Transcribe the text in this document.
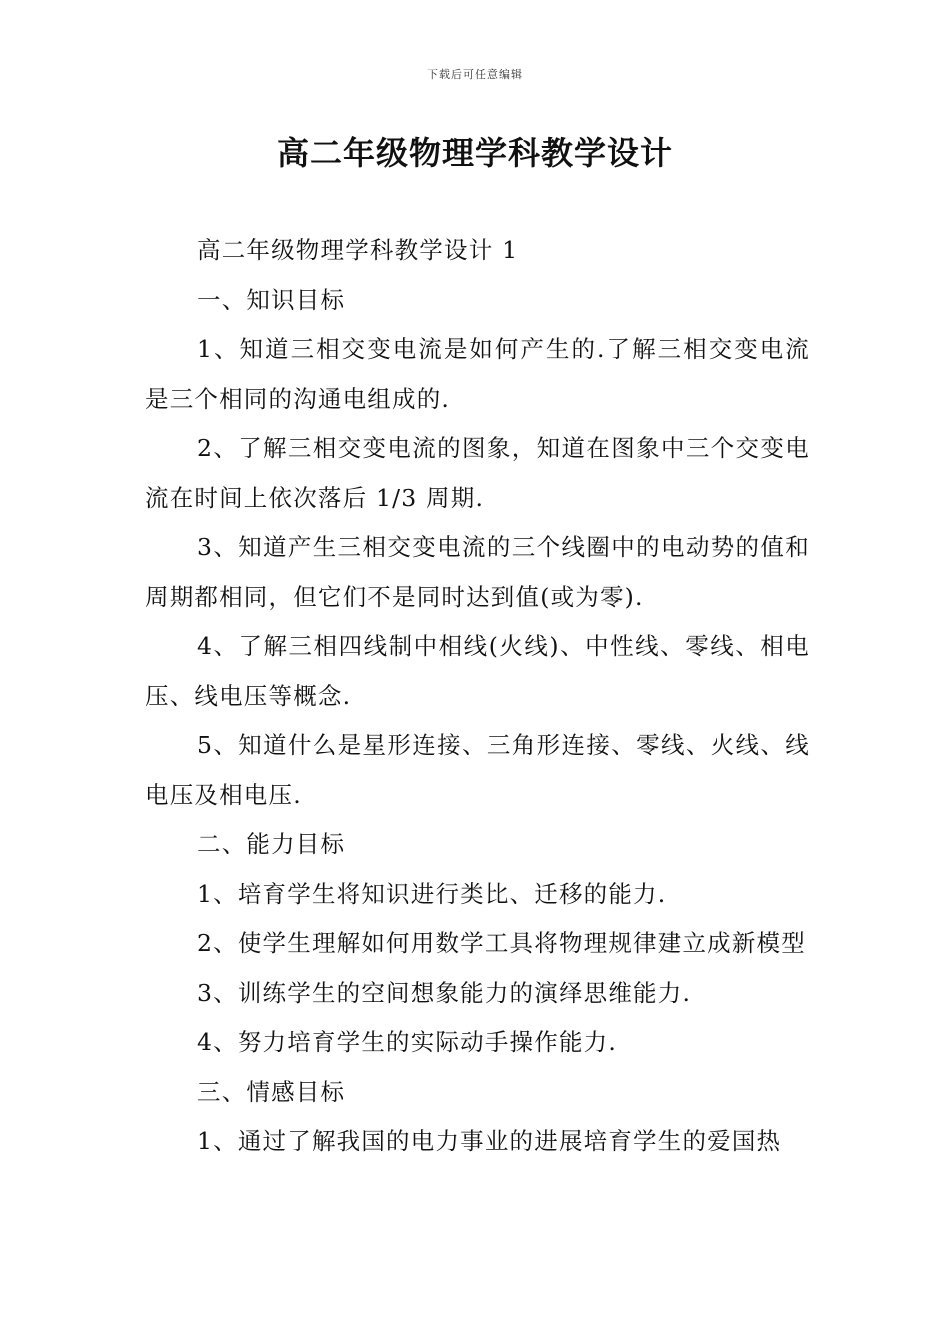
下载后可任意编辑
高二年级物理学科教学设计

高二年级物理学科教学设计 1

一、知识目标

1、知道三相交变电流是如何产生的.了解三相交变电流是三个相同的沟通电组成的.

2、了解三相交变电流的图象，知道在图象中三个交变电流在时间上依次落后 1/3 周期.

3、知道产生三相交变电流的三个线圈中的电动势的值和周期都相同，但它们不是同时达到值(或为零).

4、了解三相四线制中相线(火线)、中性线、零线、相电压、线电压等概念.

5、知道什么是星形连接、三角形连接、零线、火线、线电压及相电压.

二、能力目标

1、培育学生将知识进行类比、迁移的能力.

2、使学生理解如何用数学工具将物理规律建立成新模型

3、训练学生的空间想象能力的演绎思维能力.

4、努力培育学生的实际动手操作能力.

三、情感目标

1、通过了解我国的电力事业的进展培育学生的爱国热
